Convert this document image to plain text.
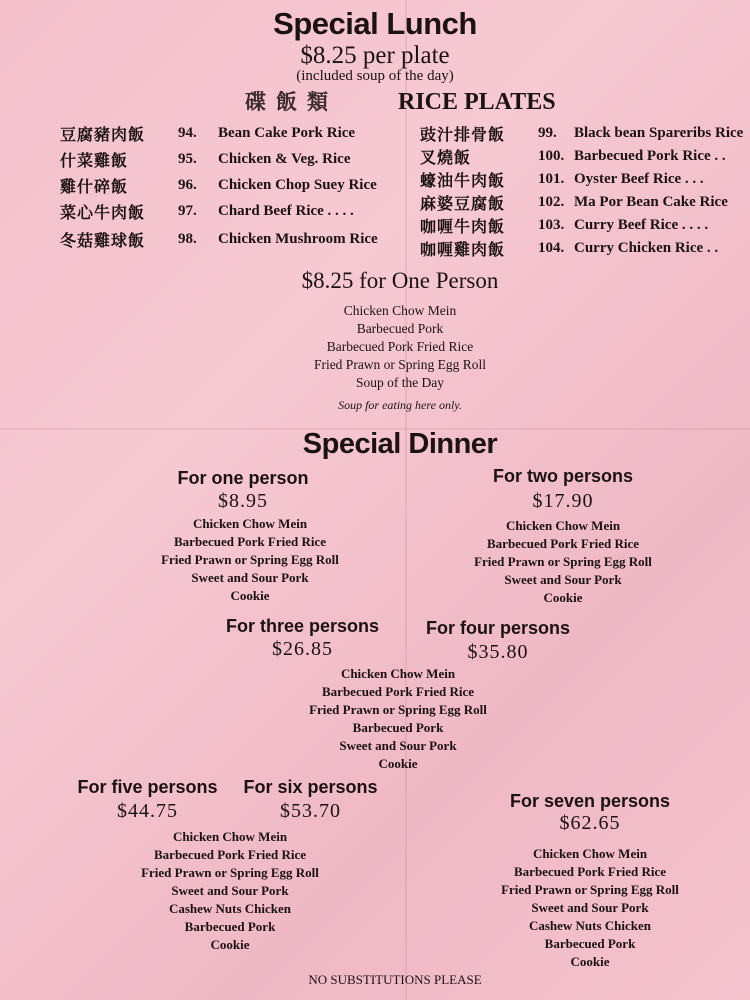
Special Lunch
$8.25 per plate
(included soup of the day)
碟飯類	RICE PLATES
豆腐豬肉飯	94.	Bean Cake Pork Rice
什菜雞飯	95.	Chicken & Veg. Rice
雞什碎飯	96.	Chicken Chop Suey Rice
菜心牛肉飯	97.	Chard Beef Rice . . . .
冬菇雞球飯	98.	Chicken Mushroom Rice
豉汁排骨飯	99.	Black bean Spareribs Rice
叉燒飯	100. Barbecued Pork Rice . .
蠔油牛肉飯	101. Oyster Beef Rice . . .
麻婆豆腐飯	102. Ma Por Bean Cake Rice
咖喱牛肉飯	103. Curry Beef Rice . . . .
咖喱雞肉飯	104. Curry Chicken Rice . .
$8.25 for One Person
Chicken Chow Mein
Barbecued Pork
Barbecued Pork Fried Rice
Fried Prawn or Spring Egg Roll
Soup of the Day
Soup for eating here only.
Special Dinner
For one person
$8.95
Chicken Chow Mein
Barbecued Pork Fried Rice
Fried Prawn or Spring Egg Roll
Sweet and Sour Pork
Cookie
For two persons
$17.90
Chicken Chow Mein
Barbecued Pork Fried Rice
Fried Prawn or Spring Egg Roll
Sweet and Sour Pork
Cookie
For three persons
$26.85
For four persons
$35.80
Chicken Chow Mein
Barbecued Pork Fried Rice
Fried Prawn or Spring Egg Roll
Barbecued Pork
Sweet and Sour Pork
Cookie
For five persons
$44.75
For six persons
$53.70
Chicken Chow Mein
Barbecued Pork Fried Rice
Fried Prawn or Spring Egg Roll
Sweet and Sour Pork
Cashew Nuts Chicken
Barbecued Pork
Cookie
For seven persons
$62.65
Chicken Chow Mein
Barbecued Pork Fried Rice
Fried Prawn or Spring Egg Roll
Sweet and Sour Pork
Cashew Nuts Chicken
Barbecued Pork
Cookie
NO SUBSTITUTIONS PLEASE
